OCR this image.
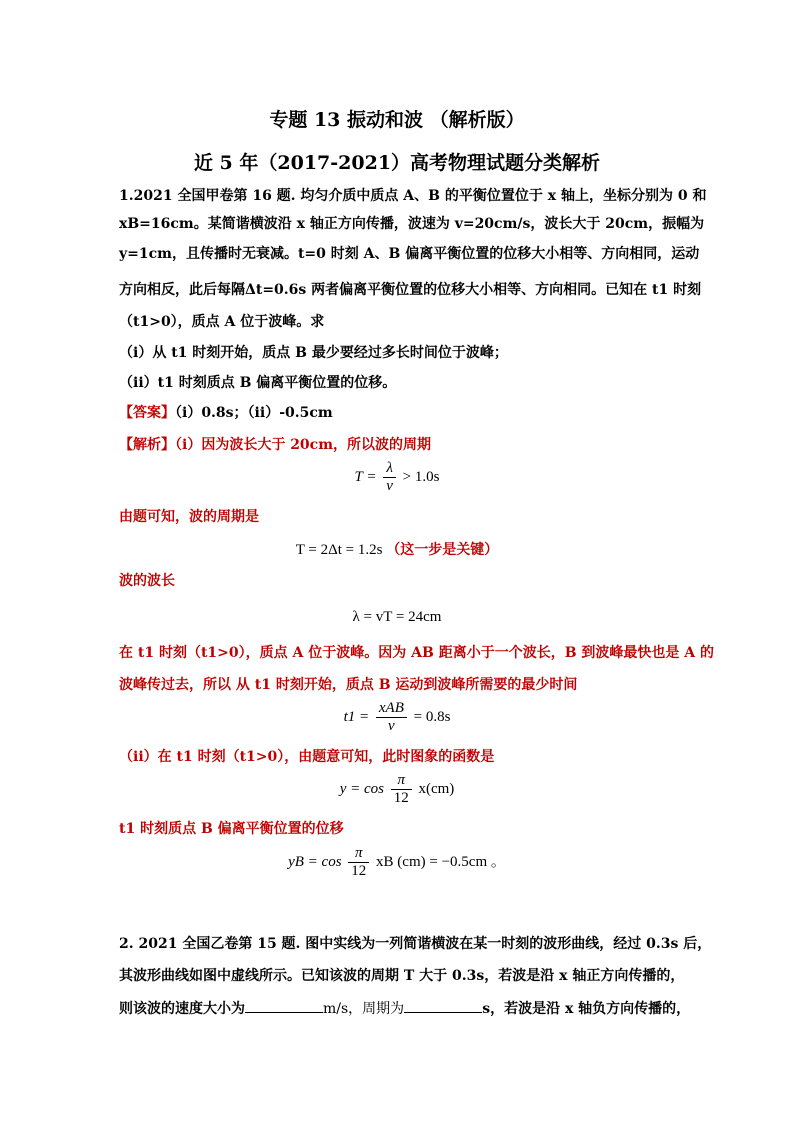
专题 13 振动和波 （解析版）
近 5 年（2017-2021）高考物理试题分类解析
1.2021 全国甲卷第 16 题. 均匀介质中质点 A、B 的平衡位置位于 x 轴上，坐标分别为 0 和
xB=16cm。某简谐横波沿 x 轴正方向传播，波速为 v=20cm/s，波长大于 20cm，振幅为
y=1cm，且传播时无衰减。t=0 时刻 A、B 偏离平衡位置的位移大小相等、方向相同，运动
方向相反，此后每隔Δt=0.6s 两者偏离平衡位置的位移大小相等、方向相同。已知在 t1 时刻
（t1>0），质点 A 位于波峰。求
（i）从 t1 时刻开始，质点 B 最少要经过多长时间位于波峰；
（ii）t1 时刻质点 B 偏离平衡位置的位移。
【答案】（i）0.8s；（ii）-0.5cm
【解析】（i）因为波长大于 20cm，所以波的周期
$T = \frac{\lambda}{v} > 1.0s$
由题可知，波的周期是
T = 2Δt = 1.2s （这一步是关键）
波的波长
λ = vT = 24cm
在 t1 时刻（t1>0），质点 A 位于波峰。因为 AB 距离小于一个波长，B 到波峰最快也是 A 的
波峰传过去，所以 从 t1 时刻开始，质点 B 运动到波峰所需要的最少时间
$t1 = \frac{\text{xAB}}{v} = 0.8s$
（ii）在 t1 时刻（t1>0），由题意可知，此时图象的函数是
$y = \cos \frac{\pi}{12} x(cm)$
t1 时刻质点 B 偏离平衡位置的位移
yB = $\cos \frac{\pi}{12}$ xB (cm) = −0.5cm 。
2. 2021 全国乙卷第 15 题. 图中实线为一列简谐横波在某一时刻的波形曲线，经过 0.3s 后，
其波形曲线如图中虚线所示。已知该波的周期 T 大于 0.3s，若波是沿 x 轴正方向传播的，
则该波的速度大小为	m/s，周期为	s，若波是沿 x 轴负方向传播的，
